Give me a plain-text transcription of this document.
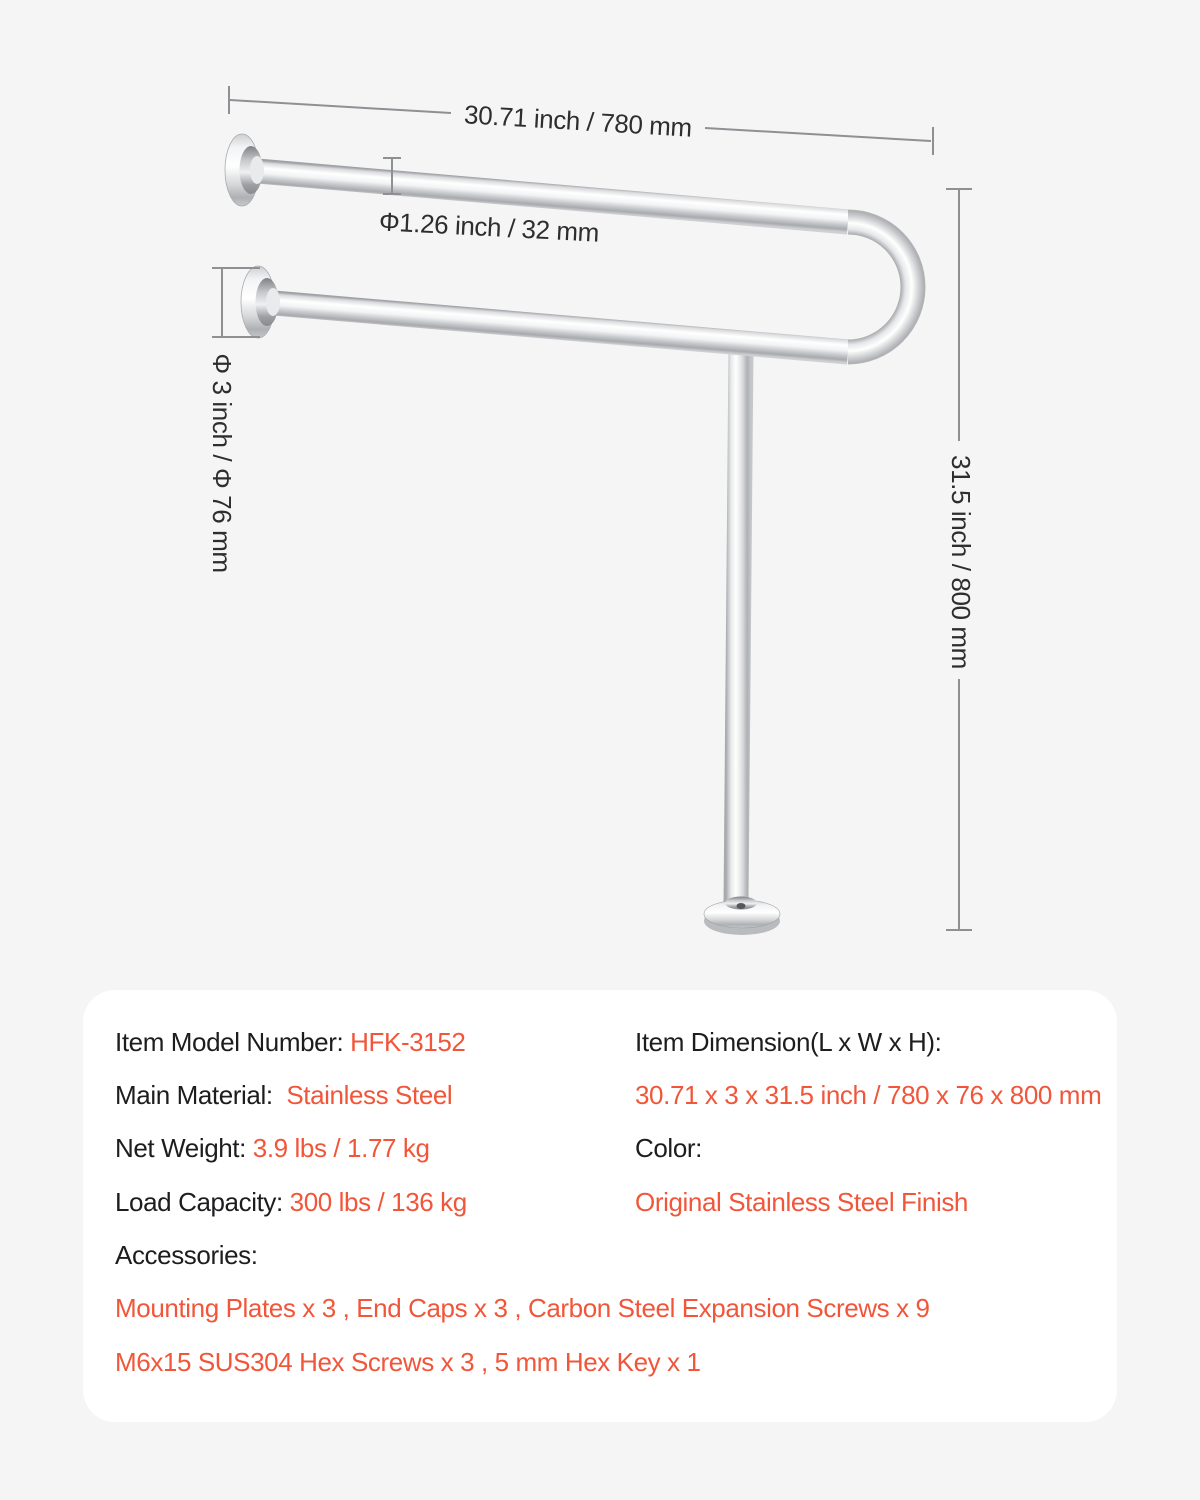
30.71 inch / 780 mm
Φ1.26 inch / 32 mm
Φ 3 inch / Φ 76 mm	31.5 inch / 800 mm
Item Model Number: HFK-3152
Main Material:  Stainless Steel
Net Weight: 3.9 lbs / 1.77 kg
Load Capacity: 300 lbs / 136 kg
Item Dimension(L x W x H):
30.71 x 3 x 31.5 inch / 780 x 76 x 800 mm
Color:
Original Stainless Steel Finish
Accessories:
Mounting Plates x 3 , End Caps x 3 , Carbon Steel Expansion Screws x 9
M6x15 SUS304 Hex Screws x 3 , 5 mm Hex Key x 1
